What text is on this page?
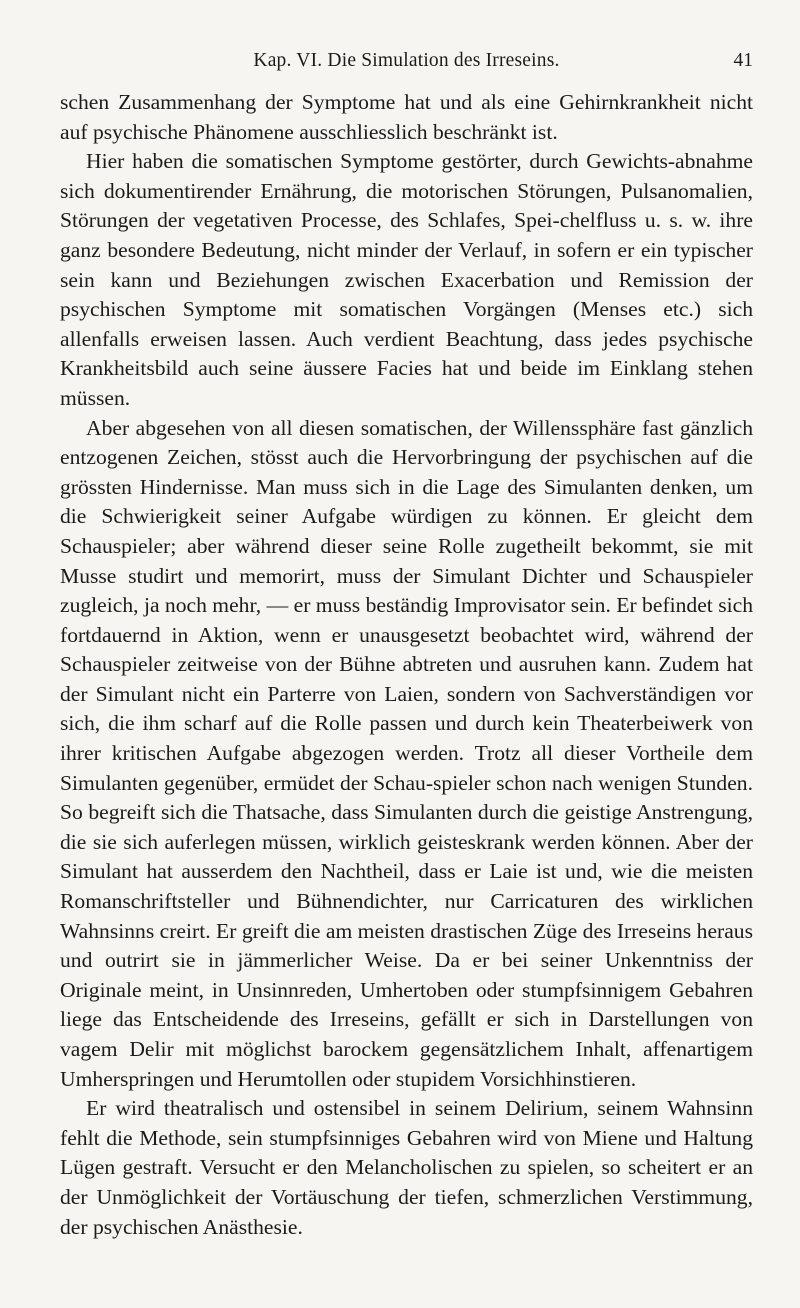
Kap. VI. Die Simulation des Irreseins.	41

schen Zusammenhang der Symptome hat und als eine Gehirnkrankheit nicht auf psychische Phänomene ausschliesslich beschränkt ist.

Hier haben die somatischen Symptome gestörter, durch Gewichts-abnahme sich dokumentirender Ernährung, die motorischen Störungen, Pulsanomalien, Störungen der vegetativen Processe, des Schlafes, Spei-chelfluss u. s. w. ihre ganz besondere Bedeutung, nicht minder der Verlauf, in sofern er ein typischer sein kann und Beziehungen zwischen Exacerbation und Remission der psychischen Symptome mit somatischen Vorgängen (Menses etc.) sich allenfalls erweisen lassen. Auch verdient Beachtung, dass jedes psychische Krankheitsbild auch seine äussere Facies hat und beide im Einklang stehen müssen.

Aber abgesehen von all diesen somatischen, der Willenssphäre fast gänzlich entzogenen Zeichen, stösst auch die Hervorbringung der psychischen auf die grössten Hindernisse. Man muss sich in die Lage des Simulanten denken, um die Schwierigkeit seiner Aufgabe würdigen zu können. Er gleicht dem Schauspieler; aber während dieser seine Rolle zugetheilt bekommt, sie mit Musse studirt und memorirt, muss der Simulant Dichter und Schauspieler zugleich, ja noch mehr, — er muss beständig Improvisator sein. Er befindet sich fortdauernd in Aktion, wenn er unausgesetzt beobachtet wird, während der Schauspieler zeitweise von der Bühne abtreten und ausruhen kann. Zudem hat der Simulant nicht ein Parterre von Laien, sondern von Sachverständigen vor sich, die ihm scharf auf die Rolle passen und durch kein Theaterbeiwerk von ihrer kritischen Aufgabe abgezogen werden. Trotz all dieser Vortheile dem Simulanten gegenüber, ermüdet der Schau-spieler schon nach wenigen Stunden. So begreift sich die Thatsache, dass Simulanten durch die geistige Anstrengung, die sie sich auferlegen müssen, wirklich geisteskrank werden können. Aber der Simulant hat ausserdem den Nachtheil, dass er Laie ist und, wie die meisten Romanschriftsteller und Bühnendichter, nur Carricaturen des wirklichen Wahnsinns creirt. Er greift die am meisten drastischen Züge des Irreseins heraus und outrirt sie in jämmerlicher Weise. Da er bei seiner Unkenntniss der Originale meint, in Unsinnreden, Umhertoben oder stumpfsinnigem Gebahren liege das Entscheidende des Irreseins, gefällt er sich in Darstellungen von vagem Delir mit möglichst barockem gegensätzlichem Inhalt, affenartigem Umherspringen und Herumtollen oder stupidem Vorsichhinstieren.

Er wird theatralisch und ostensibel in seinem Delirium, seinem Wahnsinn fehlt die Methode, sein stumpfsinniges Gebahren wird von Miene und Haltung Lügen gestraft. Versucht er den Melancholischen zu spielen, so scheitert er an der Unmöglichkeit der Vortäuschung der tiefen, schmerzlichen Verstimmung, der psychischen Anästhesie.
